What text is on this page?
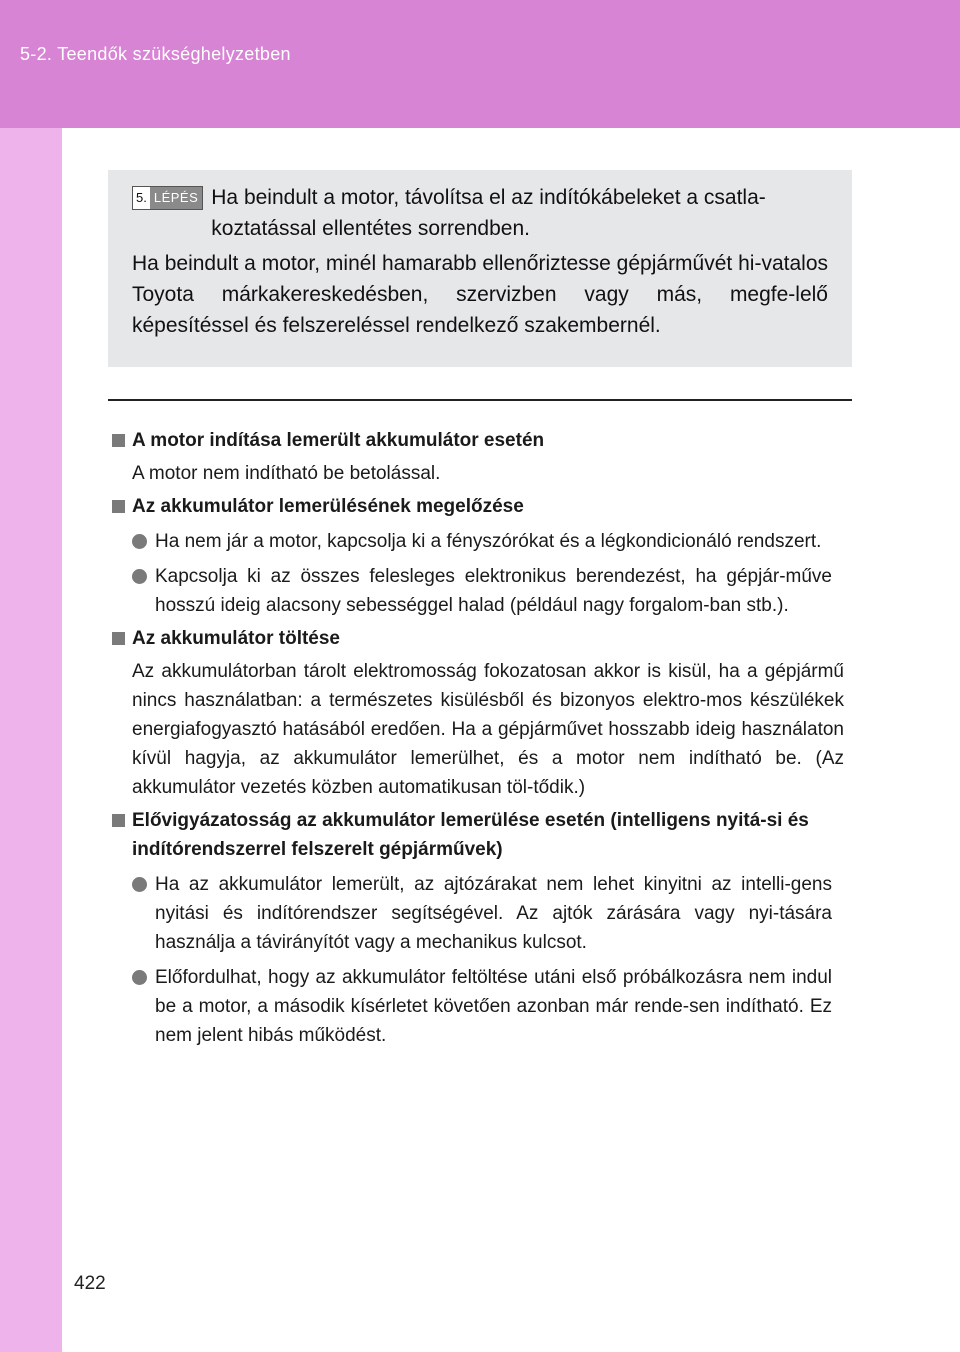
5-2. Teendők szükséghelyzetben
5. LÉPÉS Ha beindult a motor, távolítsa el az indítókábeleket a csatla-koztatással ellentétes sorrendben.
Ha beindult a motor, minél hamarabb ellenőriztesse gépjárművét hi-vatalos Toyota márkakereskedésben, szervizben vagy más, megfe-lelő képesítéssel és felszereléssel rendelkező szakembernél.
A motor indítása lemerült akkumulátor esetén
A motor nem indítható be betolással.
Az akkumulátor lemerülésének megelőzése
Ha nem jár a motor, kapcsolja ki a fényszórókat és a légkondicionáló rendszert.
Kapcsolja ki az összes felesleges elektronikus berendezést, ha gépjár-műve hosszú ideig alacsony sebességgel halad (például nagy forgalom-ban stb.).
Az akkumulátor töltése
Az akkumulátorban tárolt elektromosság fokozatosan akkor is kisül, ha a gépjármű nincs használatban: a természetes kisülésből és bizonyos elektro-mos készülékek energiafogyasztó hatásából eredően. Ha a gépjárművet hosszabb ideig használaton kívül hagyja, az akkumulátor lemerülhet, és a motor nem indítható be. (Az akkumulátor vezetés közben automatikusan töl-tődik.)
Elővigyázatosság az akkumulátor lemerülése esetén (intelligens nyitá-si és indítórendszerrel felszerelt gépjárművek)
Ha az akkumulátor lemerült, az ajtózárakat nem lehet kinyitni az intelli-gens nyitási és indítórendszer segítségével. Az ajtók zárására vagy nyi-tására használja a távirányítót vagy a mechanikus kulcsot.
Előfordulhat, hogy az akkumulátor feltöltése utáni első próbálkozásra nem indul be a motor, a második kísérletet követően azonban már rende-sen indítható. Ez nem jelent hibás működést.
422
